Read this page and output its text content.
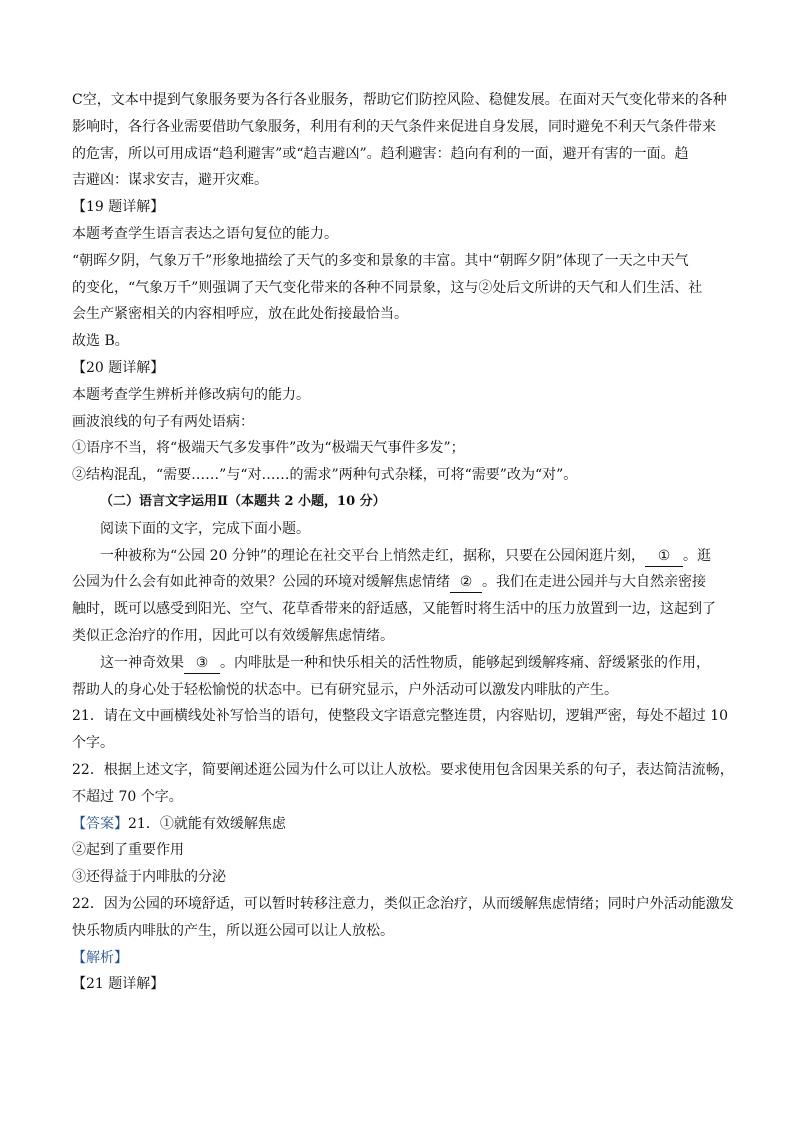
C空，文本中提到气象服务要为各行各业服务，帮助它们防控风险、稳健发展。在面对天气变化带来的各种
影响时，各行各业需要借助气象服务，利用有利的天气条件来促进自身发展，同时避免不利天气条件带来
的危害，所以可用成语“趋利避害”或“趋吉避凶”。趋利避害：趋向有利的一面，避开有害的一面。趋
吉避凶：谋求安吉，避开灾难。
【19 题详解】
本题考查学生语言表达之语句复位的能力。
“朝晖夕阴，气象万千”形象地描绘了天气的多变和景象的丰富。其中“朝晖夕阴”体现了一天之中天气
的变化，“气象万千”则强调了天气变化带来的各种不同景象，这与②处后文所讲的天气和人们生活、社
会生产紧密相关的内容相呼应，放在此处衔接最恰当。
故选 B。
【20 题详解】
本题考查学生辨析并修改病句的能力。
画波浪线的句子有两处语病：
①语序不当，将“极端天气多发事件”改为“极端天气事件多发”；
②结构混乱，“需要……”与“对……的需求”两种句式杂糅，可将“需要”改为“对”。
（二）语言文字运用Ⅱ（本题共 2 小题，10 分）
阅读下面的文字，完成下面小题。
一种被称为“公园 20 分钟”的理论在社交平台上悄然走红，据称，只要在公园闲逛片刻， ① 。逛
公园为什么会有如此神奇的效果？公园的环境对缓解焦虑情绪 ② 。我们在走进公园并与大自然亲密接
触时，既可以感受到阳光、空气、花草香带来的舒适感，又能暂时将生活中的压力放置到一边，这起到了
类似正念治疗的作用，因此可以有效缓解焦虑情绪。
这一神奇效果 ③ 。内啡肽是一种和快乐相关的活性物质，能够起到缓解疼痛、舒缓紧张的作用，
帮助人的身心处于轻松愉悦的状态中。已有研究显示，户外活动可以激发内啡肽的产生。
21．请在文中画横线处补写恰当的语句，使整段文字语意完整连贯，内容贴切，逻辑严密，每处不超过 10
个字。
22．根据上述文字，简要阐述逛公园为什么可以让人放松。要求使用包含因果关系的句子，表达简洁流畅，
不超过 70 个字。
【答案】21．①就能有效缓解焦虑
②起到了重要作用
③还得益于内啡肽的分泌
22．因为公园的环境舒适，可以暂时转移注意力，类似正念治疗，从而缓解焦虑情绪；同时户外活动能激发
快乐物质内啡肽的产生，所以逛公园可以让人放松。
【解析】
【21 题详解】
